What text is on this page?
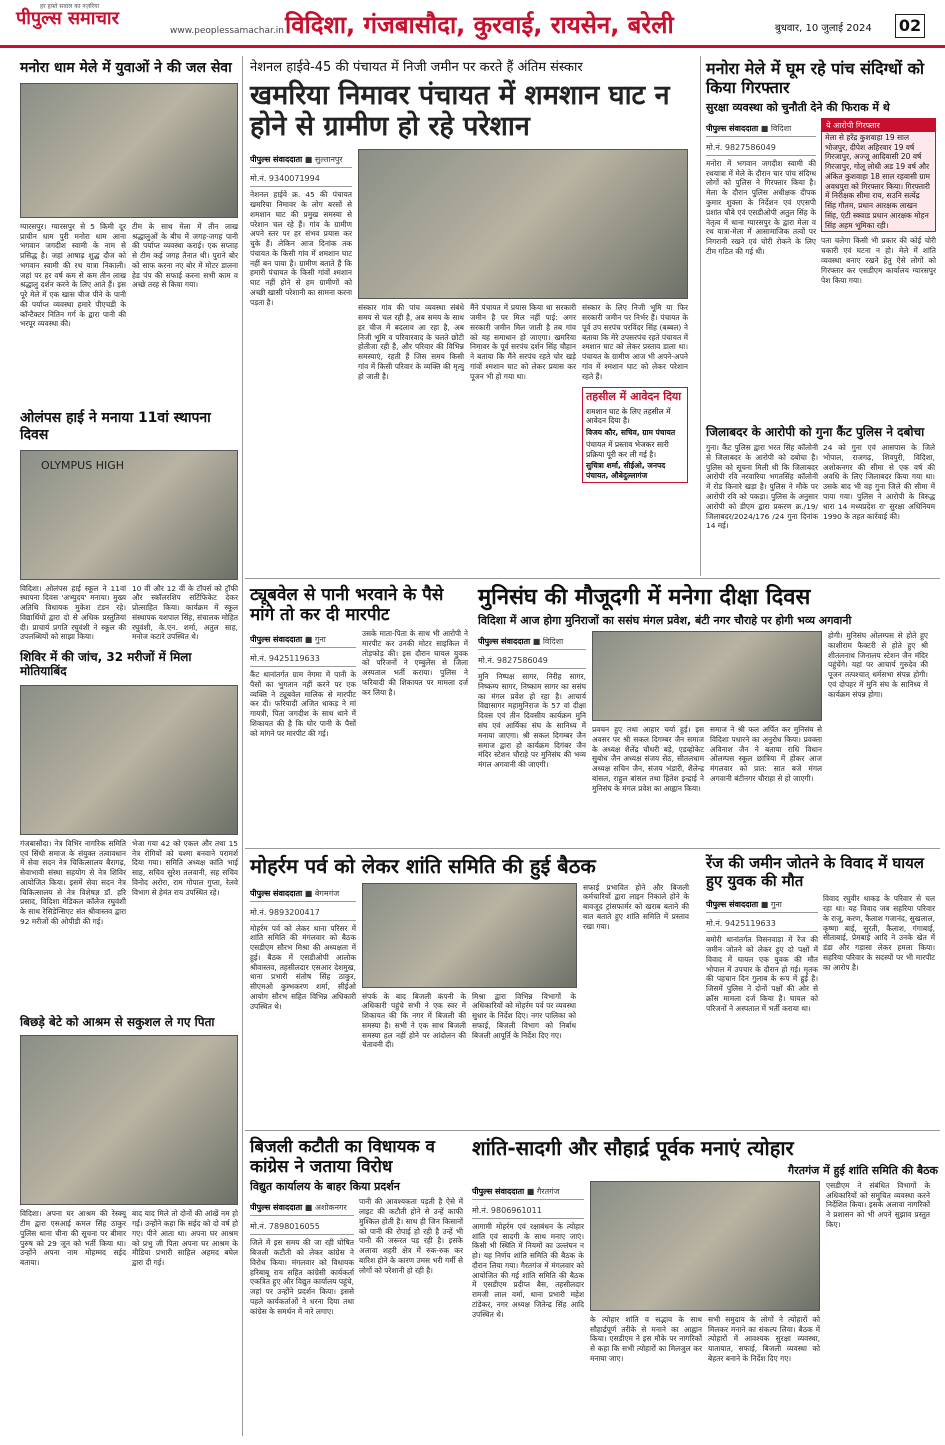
हर हफ़्ते सवाल का नज़रिया
पीपुल्स समाचार
www.peoplessamachar.in विदिशा, गंजबासौदा, कुरवाई, रायसेन, बरेली	बुधवार, 10 जुलाई 2024 02
मनोरा धाम मेले में युवाओं ने की जल सेवा
ग्यारसपुर। ग्यारसपुर से 5 किमी दूर प्राचीन धाम पुरी मनोरा धाम आना भगवान जगदीश स्वामी के नाम से प्रसिद्ध है। जहां आषाढ़ शुद्ध दौज को भगवान स्वामी की रथ यात्रा निकाली। जहां पर हर वर्ष कम से कम तीन लाख श्रद्धालु दर्शन करने के लिए आते हैं। इस पूरे मेले में एक खास चीज पीने के पानी की पर्याप्त व्यवस्था हमारे पीएचडी के कॉन्टैक्टर नितिन गर्ग के द्वारा पानी की भरपूर व्यवस्था की।
टीम के साथ मेला में तीन लाख श्रद्धालुओं के बीच में जगह-जगह पानी की पर्याप्त व्यवस्था कराई। एक सप्ताह से टीम कई जगह तैनात थी। पुराने बोर को साफ करना नए बोर में मोटर डालना हेड पंप की सफाई करना सभी काम व अच्छे तरह से किया गया।
ओलंपस हाई ने मनाया 11वां स्थापना दिवस
OLYMPUS HIGH
विदिशा। ओलंपस हाई स्कूल ने 11वां स्थापना दिवस 'अभ्युदय' मनाया। मुख्य अतिथि विधायक मुकेश टंडन रहे। विद्यार्थियों द्वारा दो से अधिक प्रस्तुतियां दी। प्राचार्य प्रगति रघुवंशी ने स्कूल की उपलब्धियों को साझा किया।
10 वीं और 12 वीं के टॉपर्स को ट्रॉफी और स्कॉलरशिप सर्टिफिकेट देकर प्रोत्साहित किया। कार्यक्रम में स्कूल संस्थापक यशपाल सिंह, संचालक मोहित रघुवंशी, के.एन. शर्मा, अतुल साह, मनोज कटारे उपस्थित थे।
शिविर में की जांच, 32 मरीजों में मिला मोतियाबिंद
गंजबासौदा। नेत्र विभिर नागरिक समिति एवं सिंधी समाज के संयुक्त तत्वावधान में सेवा सदन नेत्र चिकित्सालय बैरागढ़, सेवाभावी संस्था सहयोग से नेत्र शिविर आयोजित किया। इसमें सेवा सदन नेत्र चिकित्सालय से नेत्र विशेषज्ञ डॉ. हरि प्रसाद, विदिशा मेडिकल कॉलेज रघुवंशी के साथ रेसिडेन्सिएट संत श्रीवास्तव द्वारा 92 मरीजों की ओपीडी की गई।
भेजा गया 42 को एकल और तथा 15 नेत्र रोगियों को चश्मा बनवाने परामर्श दिया गया। समिति अध्यक्ष कांति भाई साह, सचिव सुरेश तलवानी, सह सचिव विनोद अरोरा, राम गोपाल गुप्ता, रेलवे विभाग से हेमंत राय उपस्थित रहे।
बिछड़े बेटे को आश्रम से सकुशल ले गए पिता
विदिशा। अपना घर आश्रम की रेस्क्यू टीम द्वारा एसआई कमल सिंह ठाकुर पुलिस थाना चीना की सूचना पर बीमार पुरुष को 29 जून को भर्ती किया था। उन्होंने अपना नाम मोहम्मद सईद बताया।
बाद याद मिले तो दोनों की आंखें नम हो गई। उन्होंने कहा कि सईद को दो वर्ष हो गए। पीने आता था। अपना घर आश्रम को प्रभु जी पिता अपना घर आश्रम के मीडिया प्रभारी साहिल अहमद बघेल द्वारा दी गई।
नेशनल हाईवे-45 की पंचायत में निजी जमीन पर करते हैं अंतिम संस्कार
खमरिया निमावर पंचायत में शमशान घाट न होने से ग्रामीण हो रहे परेशान
पीपुल्स संवाददाता ■ सुल्तानपुर
मो.नं. 9340071994
नेशनल हाईवे क्र. 45 की पंचायत खमरिया निमावर के लोग बरसों से शमशान घाट की प्रमुख समस्या से परेशान चल रहे हैं। गांव के ग्रामीण अपने स्तर पर हर संभव प्रयास कर चुके हैं। लेकिन आज दिनांक तक पंचायत के किसी गांव में शमशान घाट नहीं बन पाया है। ग्रामीण बताते हैं कि हमारी पंचायत के किसी गांवों श्मशान घाट नहीं होने से हम ग्रामीणों को अच्छी खासी परेशानी का सामना करना पड़ता है।
संस्कार गांव की पांच व्यवस्था संबंधे समय से चल रही है, अब समय के साथ हर चीज में बदलाव आ रहा है, अब निजी भूमि व परिवारवाद के चलते छोटी होतीजा रही है, और परिवार की विभिन्न समस्याएं, रहती हैं जिस समय किसी गांव में किसी परिवार के व्यक्ति की मृत्यु हो जाती है।
मैंने पंचायत में प्रयास किया था सरकारी जमीन है पर मिल नहीं पाई: अगर सरकारी जमीन मिल जाती है तब गांव को यह समाधान हो जाएगा। खमरिया निमावर के पूर्व सरपंच दर्शन सिंह चौहान ने बताया कि मैंने सरपंच रहते चोर खड़े गांवों श्मशान घाट को लेकर प्रयास कर पूजन भी हो गया था।
संस्कार के लिए निजी भूमि या फिर सरकारी जमीन पर निर्भर हैं। पंचायत के पूर्व उप सरपंच परविंदर सिंह (बब्बल) ने बताया कि मेरे उपसरपंच रहते पंचायत में श्मशान घाट को लेकर प्रस्ताव डाला था। पंचायत के ग्रामीण आज भी अपने-अपने गांव में श्मशान घाट को लेकर परेशान रहते हैं।
तहसील में आवेदन दिया
शमशान घाट के लिए तहसील में आवेदन दिया है।
विजय कौर, सचिव, ग्राम पंचायत
पंचायत में प्रस्ताव भेजकर सारी प्रक्रिया पूरी कर ली गई है।
सुचित्रा शर्मा, सीईओ, जनपद पंचायत, औबेदुल्लागंज
मनोरा मेले में घूम रहे पांच संदिग्धों को किया गिरफ्तार
सुरक्षा व्यवस्था को चुनौती देने की फिराक में थे
पीपुल्स संवाददाता ■ विदिशा
मो.नं. 9827586049
मनोरा में भगवान जगदीश स्वामी की रथयात्रा में मेले के दौरान चार पांच संदिग्ध लोगों को पुलिस ने गिरफ्तार किया है। मेला के दौरान पुलिस अधीक्षक दीपक कुमार शुक्ला के निर्देशन एवं एएसपी प्रशांत चौबे एवं एसडीओपी अतुल सिंह के नेतृत्व में थाना ग्यारसपुर के द्वारा मेला व रथ यात्रा-मेला में आसामाजिक तत्वों पर निगरानी रखने एवं चोरी रोकने के लिए टीम गठित की गई थी।
ये आरोपी गिरफ्तार
मेला से हरेंद्र कुशवाहा 19 साल भोजपुर, दीपेश अहिरवार 19 वर्ष गिरजापुर, अज्जू आदिवासी 20 वर्ष गिरजापुर, गोलू लोधी अड 19 वर्ष और अंकित कुशवाहा 18 साल रहवासी ग्राम अवधपुरा को गिरफ्तार किया। गिरफ्तारी में निरीक्षक सीमा राय, सउनि सत्येंद्र सिंह गौतम, प्रधान आरक्षक लाखन सिंह, एंटी स्क्वाड प्रधान आरक्षक मोहन सिंह अहम भूमिका रही।
पता चलेगा किसी भी प्रकार की कोई चोरी चकारी एवं घटना न हो। मेले में शांति व्यवस्था बनाए रखने हेतु ऐसे लोगों को गिरफ्तार कर एसडीएम कार्यालय ग्यारसपुर पेश किया गया।
जिलाबदर के आरोपी को गुना कैंट पुलिस ने दबोचा
गुना। कैंट पुलिस द्वारा भरत सिंह कॉलोनी से जिलाबदर के आरोपी को दबोचा है। पुलिस को सूचना मिली थी कि जिलाबदर आरोपी रवि नरवारिया भगतसिंह कॉलोनी में रोड किनारे खड़ा है। पुलिस ने मौके पर आरोपी रवि को पकड़ा। पुलिस के अनुसार आरोपी को डीएम द्वारा प्रकरण क्र./19/जिलाबदर/2024/176 /24 गुना दिनांक 14 मई।
24 को गुना एवं आसपास के जिले भोपाल, राजगढ़, शिवपुरी, विदिशा, अशोकनगर की सीमा से एक वर्ष की अवधि के लिए जिलाबदर किया गया था। उसके बाद भी वह गुना जिले की सीमा में पाया गया। पुलिस ने आरोपी के विरुद्ध धारा 14 मध्यप्रदेश रा' सुरक्षा अधिनियम 1990 के तहत कार्रवाई की।
ट्यूबवेल से पानी भरवाने के पैसे मांगे तो कर दी मारपीट
पीपुल्स संवाददाता ■ गुना
मो.नं. 9425119633
कैंट थानांतर्गत ग्राम नेगमा में पानी के पैसों का भुगतान नहीं करने पर एक व्यक्ति ने ट्यूबवेल मालिक से मारपीट कर दी। फरियादी अजित धाकड़ ने मां गायत्री, पिता जगदीश के साथ थाने में शिकायत की है कि घोर पानी के पैसों को मांगने पर मारपीट की गई।
उसके माता-पिता के साथ भी आरोपी ने मारपीट कर उनकी मोटर साइकिल में तोड़फोड़ की। इस दौरान घायल युवक को परिजनों ने एम्बुलेंस से जिला अस्पताल भर्ती कराया। पुलिस ने फरियादी की शिकायत पर मामला दर्ज कर लिया है।
मुनिसंघ की मौजूदगी में मनेगा दीक्षा दिवस
विदिशा में आज होगा मुनिराजों का ससंघ मंगल प्रवेश, बंटी नगर चौराहे पर होगी भव्य अगवानी
पीपुल्स संवाददाता ■ विदिशा
मो.नं. 9827586049
मुनि निष्पक्ष सागर, निरीह सागर, निष्कम्प सागर, निष्काम सागर का ससंघ का मंगल प्रवेश हो रहा है। आचार्य विद्यासागर महामुनिराज के 57 वां दीक्षा दिवस एवं तीन दिवसीय कार्यक्रम मुनि संघ एवं आर्यिका संघ के सानिध्य में मनाया जाएगा। श्री सकल दिगम्बर जैन समाज द्वारा हो कार्यक्रम दिगंबर जैन मंदिर स्टेशन चौराहे पर मुनिसंघ की भव्य मंगल अगवानी की जाएगी।
प्रवचन हुए तथा आहार चर्या हुई। इस अवसर पर श्री सकल दिगम्बर जैन समाज के अध्यक्ष शैलेंद्र चौधरी बड़े, एडव्होकेट सुबोध जैन अध्यक्ष संजय सेठ, सीतलधाम अध्यक्ष सचिन जैन, संजय भंडारी, शैलेन्द्र बांसल, राहुल बांसल तथा हितेश इन्द्राई ने मुनिसंघ के मंगल प्रवेश का आह्वान किया।
समाज ने श्री फल अर्पित कर मुनिसंघ से विदिशा पधारने का अनुरोध किया। प्रवक्ता अविनाश जैन ने बताया राधि विधान ओलम्पस स्कूल छात्रिया में होकर आज मंगलवार को प्रात: सात बजे मंगल अगवानी बंटीनगर चौराहा से हो जाएगी।
होगी। मुनिसंघ ओलम्पस से होते हुए काशीराम फैक्टरी से होते हुए श्री शीतलनाथ जिनालय स्टेशन जैन मंदिर पहुंचेंगे। यहां पर आचार्य गुरुदेव की पूजन तत्पश्चात् धर्मसभा संपन्न होगी। एवं दोपहर में मुनि संघ के सानिध्य में कार्यक्रम संपन्न होगा।
मोहर्रम पर्व को लेकर शांति समिति की हुई बैठक
पीपुल्स संवाददाता ■ बेगमगंज
मो.नं. 9893200417
मोहर्रम पर्व को लेकर थाना परिसर में शांति समिति की मंगलवार को बैठक एसडीएम सौरभ मिश्रा की अध्यक्षता में हुई। बैठक में एसडीओपी आलोक श्रीवास्तव, तहसीलदार एसआर देशमुख, थाना प्रभारी संतोष सिंह ठाकुर, सीएमओ कुम्भकरण शर्मा, सीईओ आयोग सौरभ सहित विभिन्न अधिकारी उपस्थित थे।
संपर्क के बाद बिजली कंपनी के अधिकारी पहुंचे सभी ने एक स्वर में शिकायत की कि नगर में बिजली की समस्या है। सभी ने एक साथ बिजली समस्या हल नहीं होने पर आंदोलन की चेतावनी दी।
मिश्रा द्वारा विभिन्न विभागों के अधिकारियों को मोहर्रम पर्व पर व्यवस्था सुधार के निर्देश दिए। नगर पालिका को सफाई, बिजली विभाग को निर्बाध बिजली आपूर्ति के निर्देश दिए गए।
सफाई प्रभावित होने और बिजली कर्मचारियों द्वारा लाइन निकाले होने के बावजूद ट्रांसफार्मर को खराब बताने की बात बताते हुए शांति समिति में प्रस्ताव रखा गया।
रेंज की जमीन जोतने के विवाद में घायल हुए युवक की मौत
पीपुल्स संवाददाता ■ गुना
मो.नं. 9425119633
बमोरी थानांतर्गत विसनवाड़ा में रेंज की जमीन जोतने को लेकर हुए दो पक्षों में विवाद में घायल एक युवक की मौत भोपाल में उपचार के दौरान हो गई। मृतक की पहचान दिन गुलाब के रूप में हुई है। जिसमें पुलिस ने दोनों पक्षों की ओर से क्रॉस मामला दर्ज किया है। घायल को परिजनों ने अस्पताल में भर्ती कराया था।
विवाद रघुवीर धाकड़ के परिवार से चल रहा था। यह विवाद जब सहरिया परिवार के राजू, करण, कैलाश गजानंद, सुखलाल, कृष्णा बाई, सुरती, कैलाश, गंगाबाई, सीताबाई, प्रेमबाई आदि ने उनके खेत में डंडा और गड़ासा लेकर हमला किया। सहरिया परिवार के सदस्यों पर भी मारपीट का आरोप है।
बिजली कटौती का विधायक व कांग्रेस ने जताया विरोध
विद्युत कार्यालय के बाहर किया प्रदर्शन
पीपुल्स संवाददाता ■ अशोकनगर
मो.नं. 7898016055
जिले में इस समय की जा रही घोषित बिजली कटौती को लेकर कांग्रेस ने विरोध किया। मंगलवार को विधायक हरिबाबू राय सहित कांग्रेसी कार्यकर्ता एकत्रित हुए और विद्युत कार्यालय पहुंचे, जहां पर उन्होंने प्रदर्शन किया। इससे पहले कार्यकर्ताओं ने धरना दिया तथा कांग्रेस के समर्थन में नारे लगाए।
पानी की आवश्यकता पड़ती है ऐसे में लाइट की कटौती होने से उन्हें काफी मुश्किल होती है। साथ ही जिन किसानों को पानी की रोपाई हो रही है उन्हें भी पानी की जरूरत पड़ रही है। इसके अलावा शहरी क्षेत्र में रुक-रुक कर बारिश होने के कारण उमस भरी गर्मी से लोगों को परेशानी हो रही है।
शांति-सादगी और सौहार्द्र पूर्वक मनाएं त्योहार
गैरतगंज में हुई शांति समिति की बैठक
पीपुल्स संवाददाता ■ गैरतगंज
मो.नं. 9806961011
आगामी मोहर्रम एवं रक्षाबंधन के त्योहार शांति एवं सादगी के साथ मनाए जाएं। किसी भी स्थिति में नियमों का उल्लंघन न हो। यह निर्णय शांति समिति की बैठक के दौरान लिया गया। गैरतगंज में मंगलवार को आयोजित की गई शांति समिति की बैठक में एसडीएम प्रदीप्त बैस, तहसीलदार रामजी लाल वर्मा, थाना प्रभारी महेश टांडेकर, नगर अध्यक्ष जितेन्द्र सिंह आदि उपस्थित थे।
के त्योहार शांति व सद्भाव के साथ सौहार्द्रपूर्ण तरीके से मनाने का आह्वान किया। एसडीएम ने इस मौके पर नागरिकों से कहा कि सभी त्योहारों का मिलजुल कर मनाया जाए।
सभी समुदाय के लोगों ने त्योहारों को मिलकर मनाने का संकल्प लिया। बैठक में त्योहारों में आवश्यक सुरक्षा व्यवस्था, यातायात, सफाई, बिजली व्यवस्था को बेहतर बनाने के निर्देश दिए गए।
एसडीएम ने संबंधित विभागों के अधिकारियों को समुचित व्यवस्था करने निर्देशित किया। इसके अलावा नागरिकों ने प्रशासन को भी अपने सुझाव प्रस्तुत किए।
